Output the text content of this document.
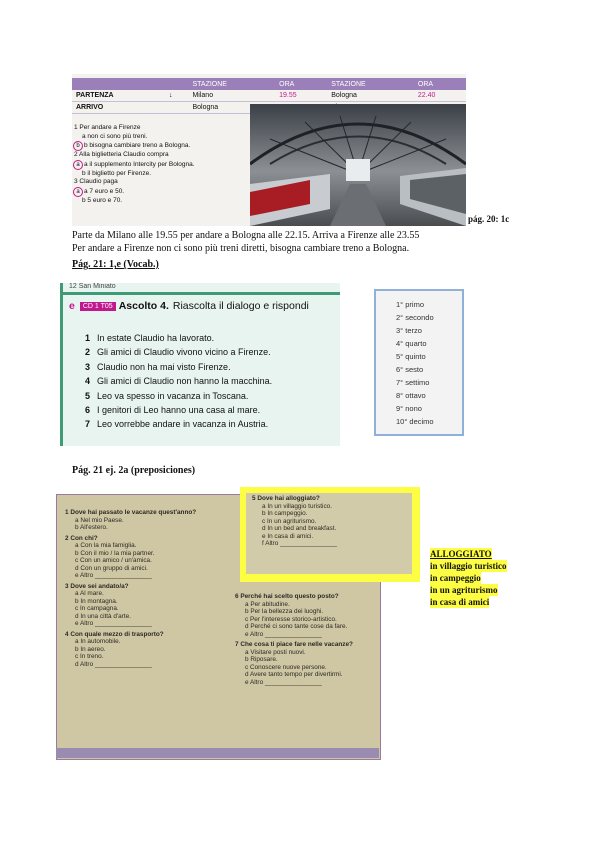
		STAZIONE	ORA	STAZIONE	ORA
PARTENZA	↓	Milano	19.55	Bologna	22.40
ARRIVO		Bologna			
1 Per andare a Firenze
a non ci sono più treni.
b b bisogna cambiare treno a Bologna.
2 Alla biglietteria Claudio compra
a a il supplemento Intercity per Bologna.
b il biglietto per Firenze.
3 Claudio paga
a a 7 euro e 50.
b 5 euro e 70.
pág. 20: 1c
Parte da Milano alle 19.55 per andare a Bologna alle 22.15. Arriva a Firenze alle 23.55
Per andare a Firenze non ci sono più treni diretti, bisogna cambiare treno a Bologna.
Pág. 21: 1,e (Vocab.)
12 San Miniato
e CD 1 T05 Ascolto 4. Riascolta il dialogo e rispondi
1 In estate Claudio ha lavorato.
2 Gli amici di Claudio vivono vicino a Firenze.
3 Claudio non ha mai visto Firenze.
4 Gli amici di Claudio non hanno la macchina.
5 Leo va spesso in vacanza in Toscana.
6 I genitori di Leo hanno una casa al mare.
7 Leo vorrebbe andare in vacanza in Austria.
1° primo
2° secondo
3° terzo
4° quarto
5° quinto
6° sesto
7° settimo
8° ottavo
9° nono
10° decimo
Pág. 21 ej. 2a (preposiciones)
1 Dove hai passato le vacanze quest'anno?
a Nel mio Paese.
b All'estero.
2 Con chi?
a Con la mia famiglia.
b Con il mio / la mia partner.
c Con un amico / un'amica.
d Con un gruppo di amici.
e Altro ________________
3 Dove sei andato/a?
a Al mare.
b In montagna.
c In campagna.
d In una città d'arte.
e Altro ________________
4 Con quale mezzo di trasporto?
a In automobile.
b In aereo.
c In treno.
d Altro ________________
6 Perché hai scelto questo posto?
a Per abitudine.
b Per la bellezza dei luoghi.
c Per l'interesse storico-artistico.
d Perché ci sono tante cose da fare.
e Altro ________________
7 Che cosa ti piace fare nelle vacanze?
a Visitare posti nuovi.
b Riposare.
c Conoscere nuove persone.
d Avere tanto tempo per divertirmi.
e Altro ________________
5 Dove hai alloggiato?
a In un villaggio turistico.
b In campeggio.
c In un agriturismo.
d In un bed and breakfast.
e In casa di amici.
f Altro ________________
ALLOGGIATO
in villaggio turistico
in campeggio
in un agriturismo
in casa di amici
